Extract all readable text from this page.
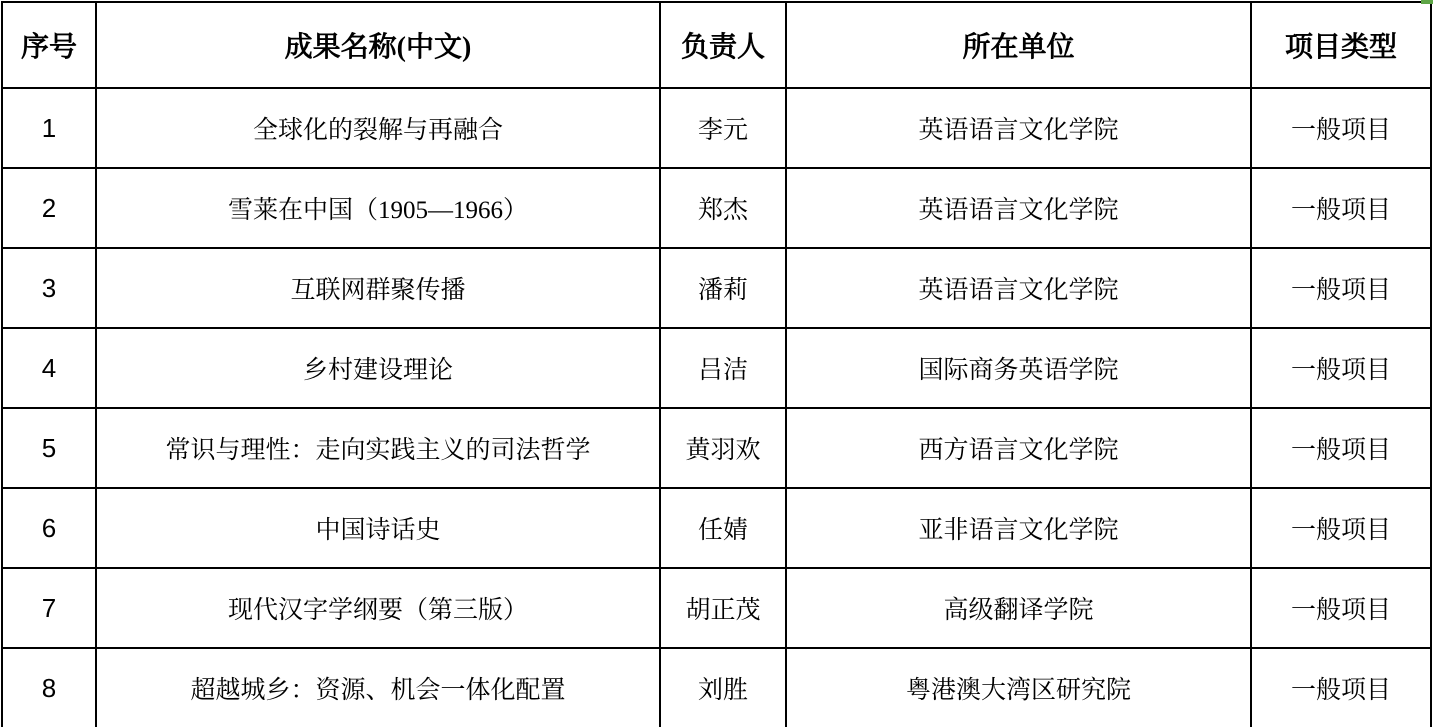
序号	成果名称(中文)	负责人	所在单位	项目类型
1	全球化的裂解与再融合	李元	英语语言文化学院	一般项目
2	雪莱在中国（1905—1966）	郑杰	英语语言文化学院	一般项目
3	互联网群聚传播	潘莉	英语语言文化学院	一般项目
4	乡村建设理论	吕洁	国际商务英语学院	一般项目
5	常识与理性：走向实践主义的司法哲学	黄羽欢	西方语言文化学院	一般项目
6	中国诗话史	任婧	亚非语言文化学院	一般项目
7	现代汉字学纲要（第三版）	胡正茂	高级翻译学院	一般项目
8	超越城乡：资源、机会一体化配置	刘胜	粤港澳大湾区研究院	一般项目
